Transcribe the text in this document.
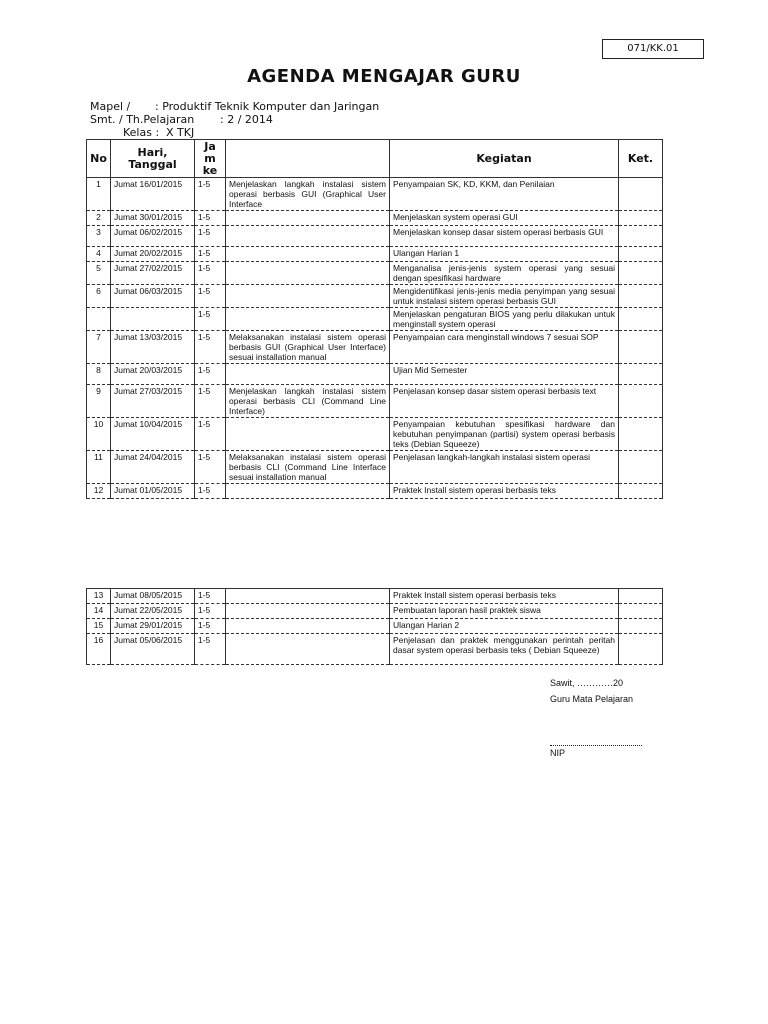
071/KK.01
AGENDA MENGAJAR GURU
Mapel / : Produktif Teknik Komputer dan Jaringan
Smt. / Th.Pelajaran : 2 / 2014
Kelas : X TKJ
No	Hari, Tanggal	Ja m ke		Kegiatan	Ket.
1	Jumat 16/01/2015	1-5	Menjelaskan langkah instalasi sistem operasi berbasis GUI (Graphical User Interface	Penyampaian SK, KD, KKM, dan Penilaian	
2	Jumat 30/01/2015	1-5		Menjelaskan system operasi GUI	
3	Jumat 06/02/2015	1-5		Menjelaskan konsep dasar sistem operasi berbasis GUI	
4	Jumat 20/02/2015	1-5		Ulangan Harian 1	
5	Jumat 27/02/2015	1-5		Menganalisa jenis-jenis system operasi yang sesuai dengan spesifikasi hardware	
6	Jumat 06/03/2015	1-5		Mengidentifikasi jenis-jenis media penyimpan yang sesuai untuk instalasi sistem operasi berbasis GUI	
		1-5		Menjelaskan pengaturan BIOS yang perlu dilakukan untuk menginstall system operasi	
7	Jumat 13/03/2015	1-5	Melaksanakan instalasi sistem operasi berbasis GUI (Graphical User Interface) sesuai installation manual	Penyampaian cara menginstall windows 7 sesuai SOP	
8	Jumat 20/03/2015	1-5		Ujian Mid Semester	
9	Jumat 27/03/2015	1-5	Menjelaskan langkah instalasi sistem operasi berbasis CLI (Command Line Interface)	Penjelasan konsep dasar sistem operasi berbasis text	
10	Jumat 10/04/2015	1-5		Penyampaian kebutuhan spesifikasi hardware dan kebutuhan penyimpanan (partisi) system operasi berbasis teks (Debian Squeeze)	
11	Jumat 24/04/2015	1-5	Melaksanakan instalasi sistem operasi berbasis CLI (Command Line Interface sesuai installation manual	Penjelasan langkah-langkah instalasi sistem operasi	
12	Jumat 01/05/2015	1-5		Praktek Install sistem operasi berbasis teks	
13	Jumat 08/05/2015	1-5		Praktek Install sistem operasi berbasis teks	
14	Jumat 22/05/2015	1-5		Pembuatan laporan hasil praktek siswa	
15	Jumat 29/01/2015	1-5		Ulangan Harian 2	
16	Jumat 05/06/2015	1-5		Penjelasan dan praktek menggunakan perintah peritah dasar system operasi berbasis teks ( Debian Squeeze)	
Sawit, …………20
Guru Mata Pelajaran
NIP
